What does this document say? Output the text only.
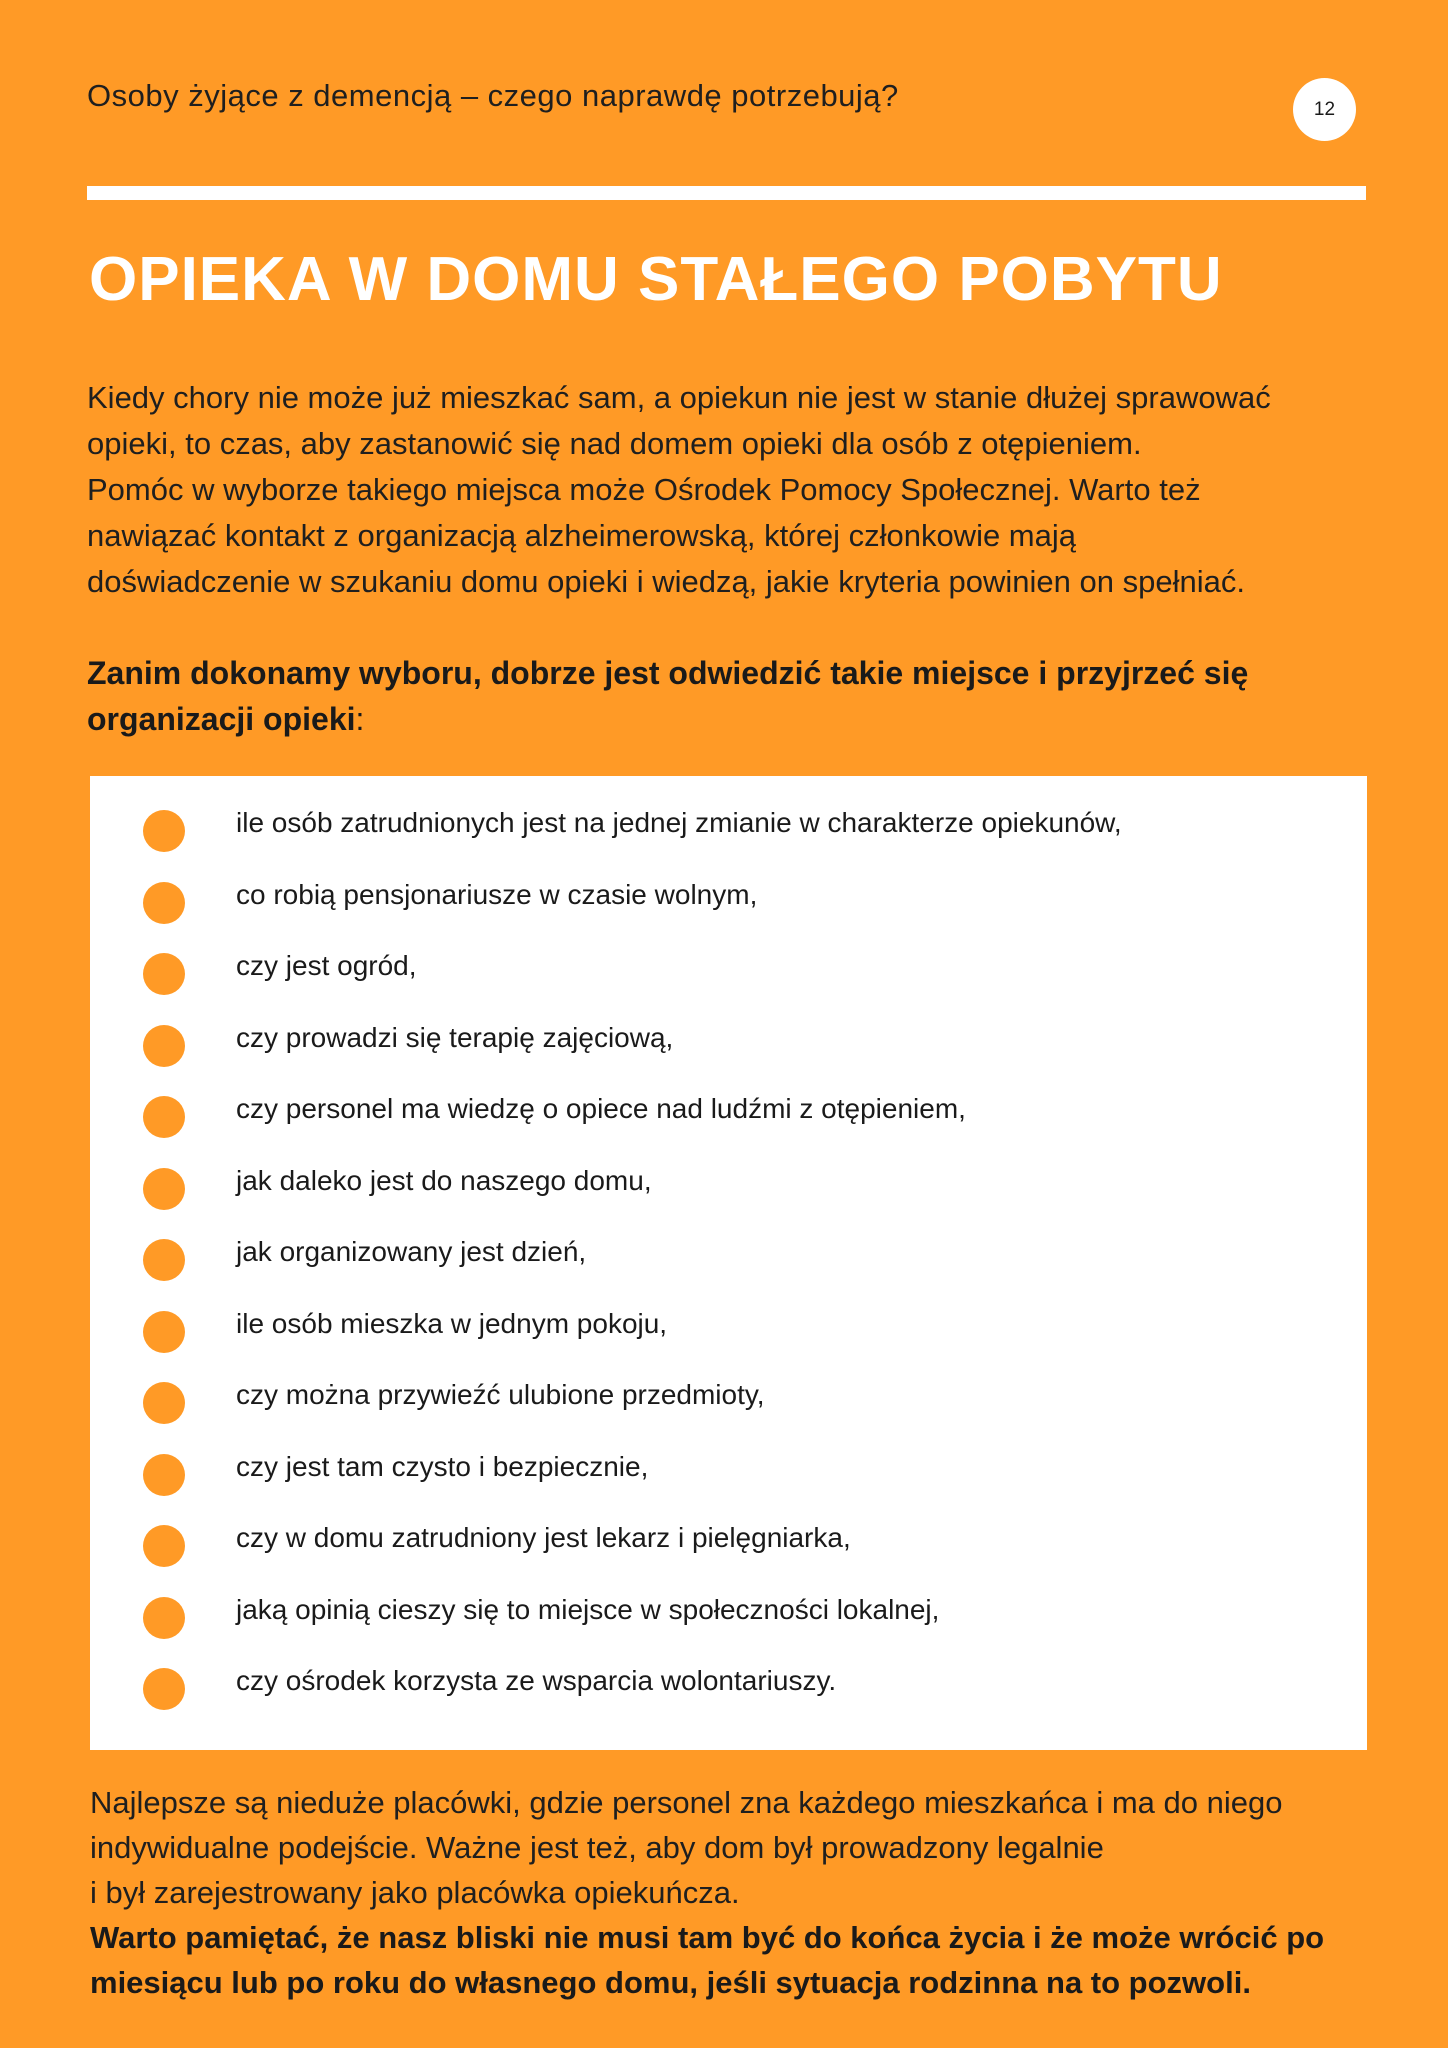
Osoby żyjące z demencją – czego naprawdę potrzebują?	12
OPIEKA W DOMU STAŁEGO POBYTU

Kiedy chory nie może już mieszkać sam, a opiekun nie jest w stanie dłużej sprawować

opieki, to czas, aby zastanowić się nad domem opieki dla osób z otępieniem.

Pomóc w wyborze takiego miejsca może Ośrodek Pomocy Społecznej. Warto też

nawiązać kontakt z organizacją alzheimerowską, której członkowie mają

doświadczenie w szukaniu domu opieki i wiedzą, jakie kryteria powinien on spełniać.

Zanim dokonamy wyboru, dobrze jest odwiedzić takie miejsce i przyjrzeć się organizacji opieki:
ile osób zatrudnionych jest na jednej zmianie w charakterze opiekunów,
co robią pensjonariusze w czasie wolnym,
czy jest ogród,
czy prowadzi się terapię zajęciową,
czy personel ma wiedzę o opiece nad ludźmi z otępieniem,
jak daleko jest do naszego domu,
jak organizowany jest dzień,
ile osób mieszka w jednym pokoju,
czy można przywieźć ulubione przedmioty,
czy jest tam czysto i bezpiecznie,
czy w domu zatrudniony jest lekarz i pielęgniarka,
jaką opinią cieszy się to miejsce w społeczności lokalnej,
czy ośrodek korzysta ze wsparcia wolontariuszy.

Najlepsze są nieduże placówki, gdzie personel zna każdego mieszkańca i ma do niego

indywidualne podejście. Ważne jest też, aby dom był prowadzony legalnie

i był zarejestrowany jako placówka opiekuńcza.

Warto pamiętać, że nasz bliski nie musi tam być do końca życia i że może wrócić po miesiącu lub po roku do własnego domu, jeśli sytuacja rodzinna na to pozwoli.
